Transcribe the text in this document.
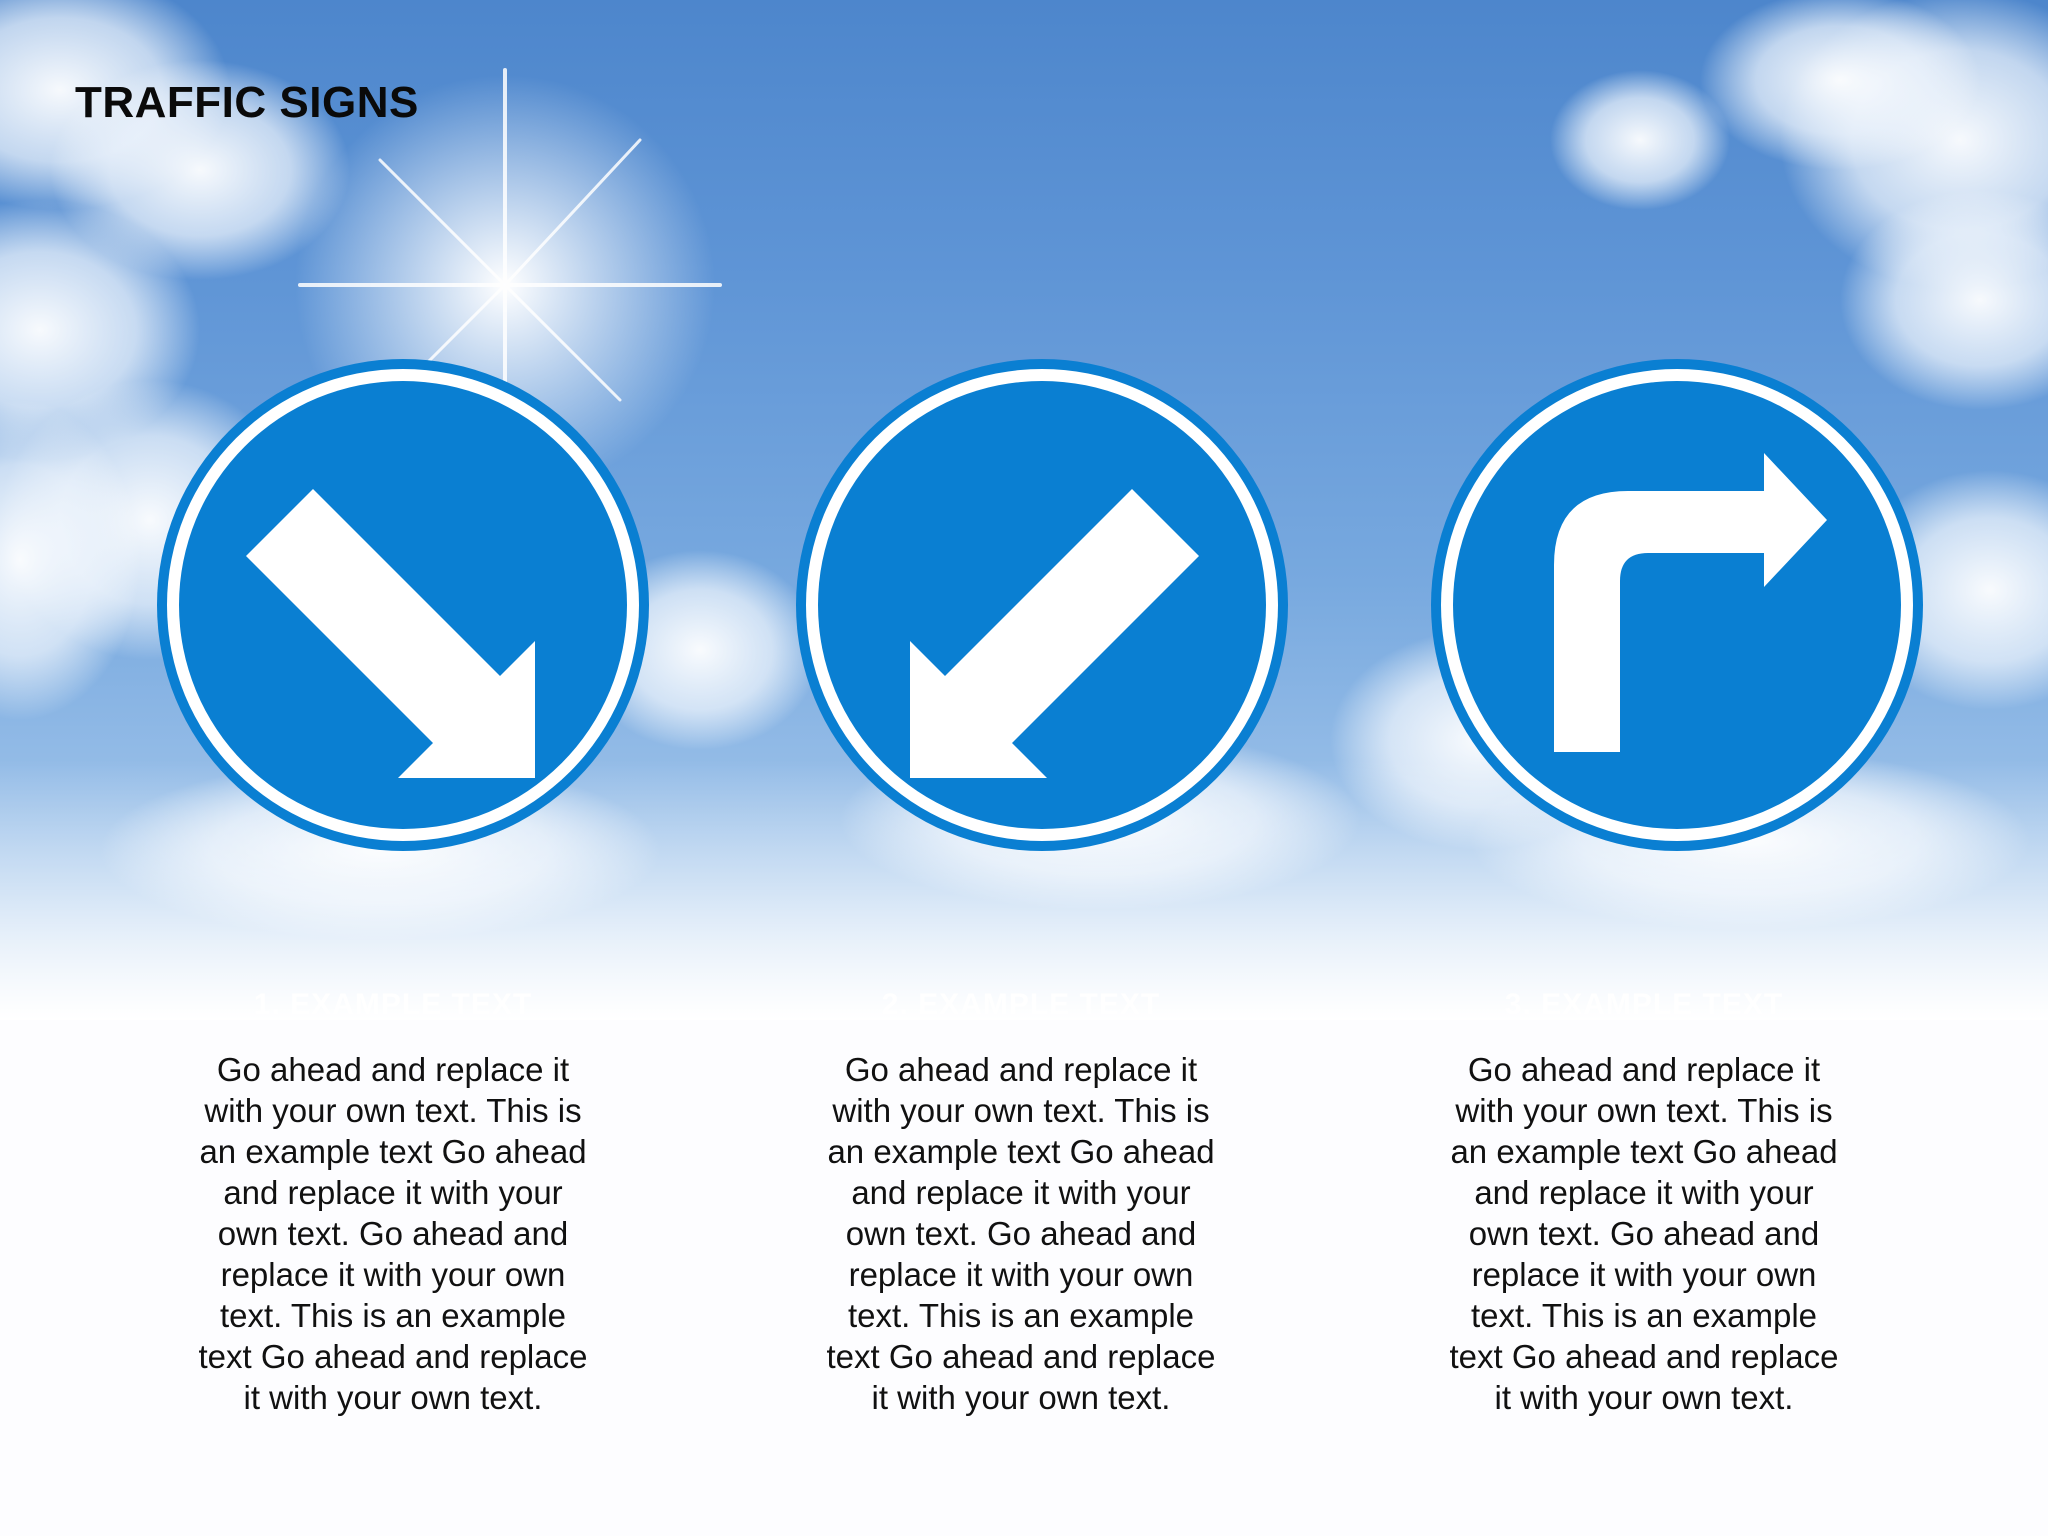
TRAFFIC SIGNS
1. EXAMPLE TEXT
Go ahead and replace it with your own text. This is an example text Go ahead and replace it with your own text. Go ahead and replace it with your own text. This is an example text Go ahead and replace it with your own text.
2. EXAMPLE TEXT
Go ahead and replace it with your own text. This is an example text Go ahead and replace it with your own text. Go ahead and replace it with your own text. This is an example text Go ahead and replace it with your own text.
3. EXAMPLE TEXT
Go ahead and replace it with your own text. This is an example text Go ahead and replace it with your own text. Go ahead and replace it with your own text. This is an example text Go ahead and replace it with your own text.
